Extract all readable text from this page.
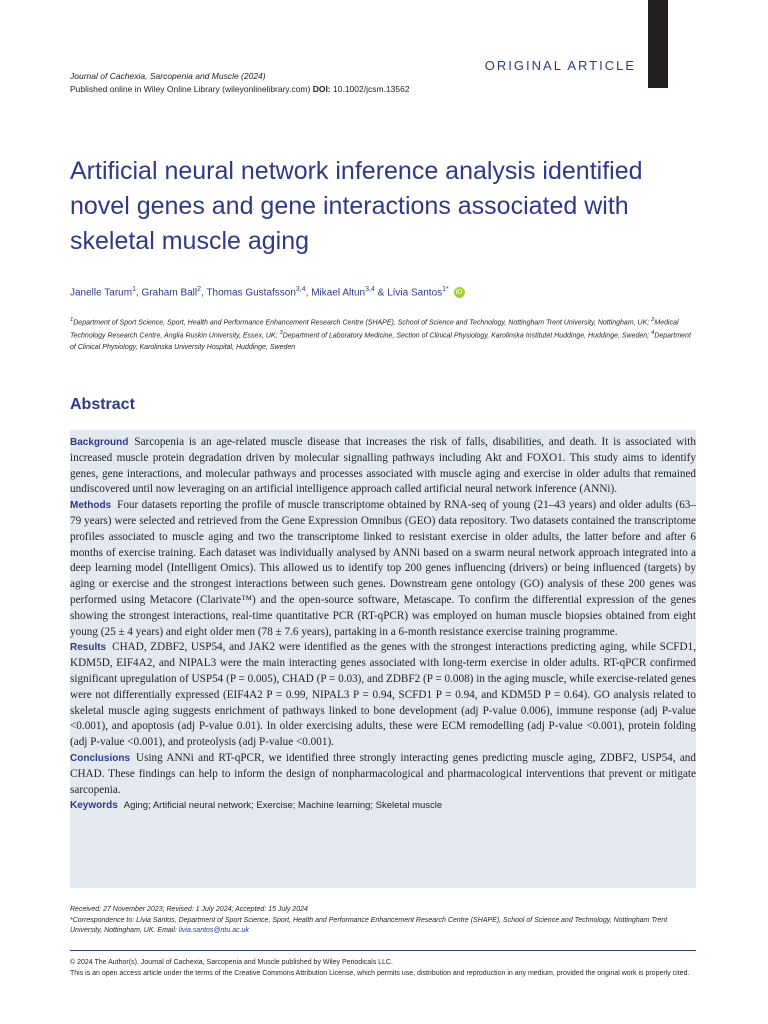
ORIGINAL ARTICLE
Journal of Cachexia, Sarcopenia and Muscle (2024)
Published online in Wiley Online Library (wileyonlinelibrary.com) DOI: 10.1002/jcsm.13562
Artificial neural network inference analysis identified novel genes and gene interactions associated with skeletal muscle aging
Janelle Tarum$^1$, Graham Ball$^2$, Thomas Gustafsson$^{3,4}$, Mikael Altun$^{3,4}$ & Lívia Santos$^{1*}$ iD
$^1$Department of Sport Science, Sport, Health and Performance Enhancement Research Centre (SHAPE), School of Science and Technology, Nottingham Trent University, Nottingham, UK; $^2$Medical Technology Research Centre, Anglia Ruskin University, Essex, UK; $^3$Department of Laboratory Medicine, Section of Clinical Physiology, Karolinska Institutet Huddinge, Huddinge, Sweden; $^4$Department of Clinical Physiology, Karolinska University Hospital, Huddinge, Sweden
Abstract

Background Sarcopenia is an age-related muscle disease that increases the risk of falls, disabilities, and death. It is associated with increased muscle protein degradation driven by molecular signalling pathways including Akt and FOXO1. This study aims to identify genes, gene interactions, and molecular pathways and processes associated with muscle aging and exercise in older adults that remained undiscovered until now leveraging on an artificial intelligence approach called artificial neural network inference (ANNi).

Methods Four datasets reporting the profile of muscle transcriptome obtained by RNA-seq of young (21–43 years) and older adults (63–79 years) were selected and retrieved from the Gene Expression Omnibus (GEO) data repository. Two datasets contained the transcriptome profiles associated to muscle aging and two the transcriptome linked to resistant exercise in older adults, the latter before and after 6 months of exercise training. Each dataset was individually analysed by ANNi based on a swarm neural network approach integrated into a deep learning model (Intelligent Omics). This allowed us to identify top 200 genes influencing (drivers) or being influenced (targets) by aging or exercise and the strongest interactions between such genes. Downstream gene ontology (GO) analysis of these 200 genes was performed using Metacore (Clarivate™) and the open-source software, Metascape. To confirm the differential expression of the genes showing the strongest interactions, real-time quantitative PCR (RT-qPCR) was employed on human muscle biopsies obtained from eight young (25 ± 4 years) and eight older men (78 ± 7.6 years), partaking in a 6-month resistance exercise training programme.

Results CHAD, ZDBF2, USP54, and JAK2 were identified as the genes with the strongest interactions predicting aging, while SCFD1, KDM5D, EIF4A2, and NIPAL3 were the main interacting genes associated with long-term exercise in older adults. RT-qPCR confirmed significant upregulation of USP54 (P = 0.005), CHAD (P = 0.03), and ZDBF2 (P = 0.008) in the aging muscle, while exercise-related genes were not differentially expressed (EIF4A2 P = 0.99, NIPAL3 P = 0.94, SCFD1 P = 0.94, and KDM5D P = 0.64). GO analysis related to skeletal muscle aging suggests enrichment of pathways linked to bone development (adj P-value 0.006), immune response (adj P-value <0.001), and apoptosis (adj P-value 0.01). In older exercising adults, these were ECM remodelling (adj P-value <0.001), protein folding (adj P-value <0.001), and proteolysis (adj P-value <0.001).

Conclusions Using ANNi and RT-qPCR, we identified three strongly interacting genes predicting muscle aging, ZDBF2, USP54, and CHAD. These findings can help to inform the design of nonpharmacological and pharmacological interventions that prevent or mitigate sarcopenia.

Keywords Aging; Artificial neural network; Exercise; Machine learning; Skeletal muscle

Received: 27 November 2023; Revised: 1 July 2024; Accepted: 15 July 2024
*Correspondence to: Lívia Santos, Department of Sport Science, Sport, Health and Performance Enhancement Research Centre (SHAPE), School of Science and Technology, Nottingham Trent University, Nottingham, UK. Email: livia.santos@ntu.ac.uk
© 2024 The Author(s). Journal of Cachexia, Sarcopenia and Muscle published by Wiley Periodicals LLC.
This is an open access article under the terms of the Creative Commons Attribution License, which permits use, distribution and reproduction in any medium, provided the original work is properly cited.
